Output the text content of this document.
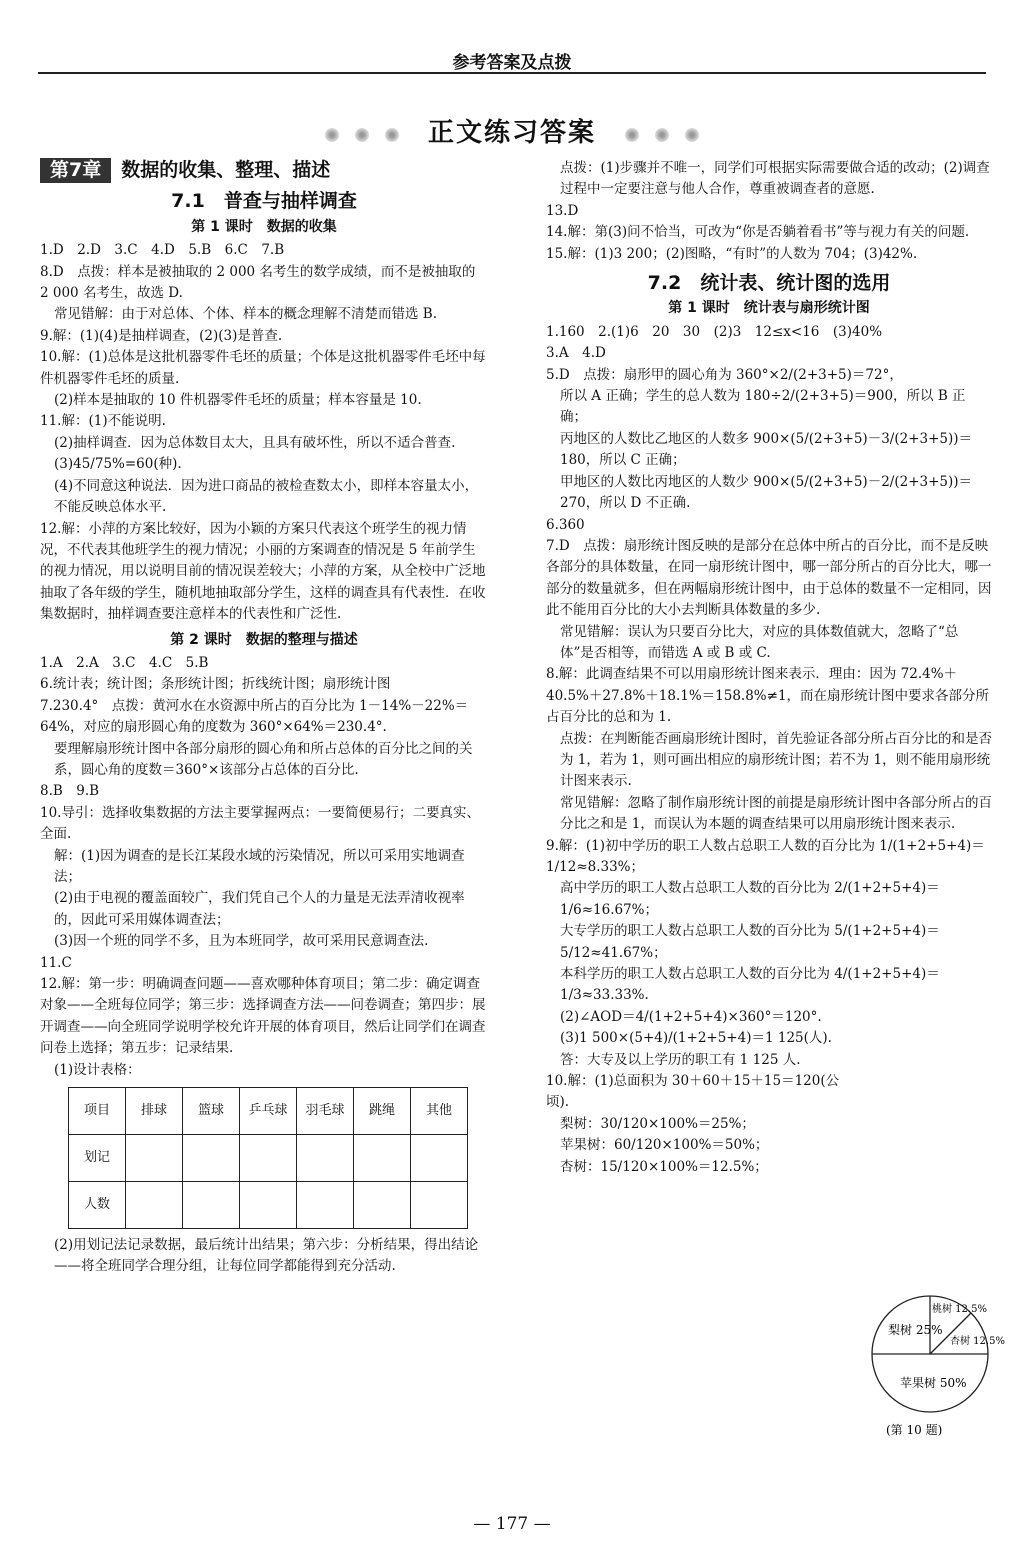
参考答案及点拨
正文练习答案
第7章 数据的收集、整理、描述
7.1　普查与抽样调查
第 1 课时　数据的收集

1.D　2.D　3.C　4.D　5.B　6.C　7.B

8.D　点拨：样本是被抽取的 2 000 名考生的数学成绩，而不是被抽取的 2 000 名考生，故选 D.

常见错解：由于对总体、个体、样本的概念理解不清楚而错选 B.

9.解：(1)(4)是抽样调查，(2)(3)是普查.

10.解：(1)总体是这批机器零件毛坯的质量；个体是这批机器零件毛坯中每件机器零件毛坯的质量.

(2)样本是抽取的 10 件机器零件毛坯的质量；样本容量是 10.

11.解：(1)不能说明.

(2)抽样调查．因为总体数目太大，且具有破坏性，所以不适合普查.

(3)45/75%=60(种).

(4)不同意这种说法．因为进口商品的被检查数太小，即样本容量太小，不能反映总体水平.

12.解：小萍的方案比较好，因为小颖的方案只代表这个班学生的视力情况，不代表其他班学生的视力情况；小丽的方案调查的情况是 5 年前学生的视力情况，用以说明目前的情况误差较大；小萍的方案，从全校中广泛地抽取了各年级的学生，随机地抽取部分学生，这样的调查具有代表性．在收集数据时，抽样调查要注意样本的代表性和广泛性.

第 2 课时　数据的整理与描述

1.A　2.A　3.C　4.C　5.B

6.统计表；统计图；条形统计图；折线统计图；扇形统计图

7.230.4°　点拨：黄河水在水资源中所占的百分比为 1－14%－22%＝64%，对应的扇形圆心角的度数为 360°×64%＝230.4°.

要理解扇形统计图中各部分扇形的圆心角和所占总体的百分比之间的关系，圆心角的度数＝360°×该部分占总体的百分比.

8.B　9.B

10.导引：选择收集数据的方法主要掌握两点：一要简便易行；二要真实、全面.

解：(1)因为调查的是长江某段水域的污染情况，所以可采用实地调查法；

(2)由于电视的覆盖面较广，我们凭自己个人的力量是无法弄清收视率的，因此可采用媒体调查法；

(3)因一个班的同学不多，且为本班同学，故可采用民意调查法.

11.C

12.解：第一步：明确调查问题——喜欢哪种体育项目；第二步：确定调查对象——全班每位同学；第三步：选择调查方法——问卷调查；第四步：展开调查——向全班同学说明学校允许开展的体育项目，然后让同学们在调查问卷上选择；第五步：记录结果.

(1)设计表格：

项目	排球	篮球	乒乓球	羽毛球	跳绳	其他
划记						
人数						

(2)用划记法记录数据，最后统计出结果；第六步：分析结果，得出结论——将全班同学合理分组，让每位同学都能得到充分活动.

点拨：(1)步骤并不唯一，同学们可根据实际需要做合适的改动；(2)调查过程中一定要注意与他人合作，尊重被调查者的意愿.

13.D

14.解：第(3)问不恰当，可改为“你是否躺着看书”等与视力有关的问题.

15.解：(1)3 200；(2)图略，“有时”的人数为 704；(3)42%.

7.2　统计表、统计图的选用
第 1 课时　统计表与扇形统计图

1.160　2.(1)6　20　30　(2)3　12≤x<16　(3)40%

3.A　4.D

5.D　点拨：扇形甲的圆心角为 360°×2/(2+3+5)＝72°，

所以 A 正确；学生的总人数为 180÷2/(2+3+5)＝900，所以 B 正确；

丙地区的人数比乙地区的人数多 900×(5/(2+3+5)－3/(2+3+5))＝180，所以 C 正确；

甲地区的人数比丙地区的人数少 900×(5/(2+3+5)－2/(2+3+5))＝270，所以 D 不正确.

6.360

7.D　点拨：扇形统计图反映的是部分在总体中所占的百分比，而不是反映各部分的具体数量，在同一扇形统计图中，哪一部分所占的百分比大，哪一部分的数量就多，但在两幅扇形统计图中，由于总体的数量不一定相同，因此不能用百分比的大小去判断具体数量的多少.

常见错解：误认为只要百分比大，对应的具体数值就大，忽略了“总体”是否相等，而错选 A 或 B 或 C.

8.解：此调查结果不可以用扇形统计图来表示．理由：因为 72.4%＋40.5%＋27.8%＋18.1%＝158.8%≠1，而在扇形统计图中要求各部分所占百分比的总和为 1.

点拨：在判断能否画扇形统计图时，首先验证各部分所占百分比的和是否为 1，若为 1，则可画出相应的扇形统计图；若不为 1，则不能用扇形统计图来表示.

常见错解：忽略了制作扇形统计图的前提是扇形统计图中各部分所占的百分比之和是 1，而误认为本题的调查结果可以用扇形统计图来表示.

9.解：(1)初中学历的职工人数占总职工人数的百分比为 1/(1+2+5+4)＝1/12≈8.33%；

高中学历的职工人数占总职工人数的百分比为 2/(1+2+5+4)＝1/6≈16.67%；

大专学历的职工人数占总职工人数的百分比为 5/(1+2+5+4)＝5/12≈41.67%；

本科学历的职工人数占总职工人数的百分比为 4/(1+2+5+4)＝1/3≈33.33%.

(2)∠AOD＝4/(1+2+5+4)×360°＝120°.

(3)1 500×(5+4)/(1+2+5+4)＝1 125(人).

答：大专及以上学历的职工有 1 125 人.

10.解：(1)总面积为 30＋60＋15＋15＝120(公顷).

梨树：30/120×100%＝25%；

苹果树：60/120×100%＝50%；

杏树：15/120×100%＝12.5%；

梨树 25%
桃树 12.5%
杏树 12.5%
苹果树 50%
(第 10 题)
— 177 —
